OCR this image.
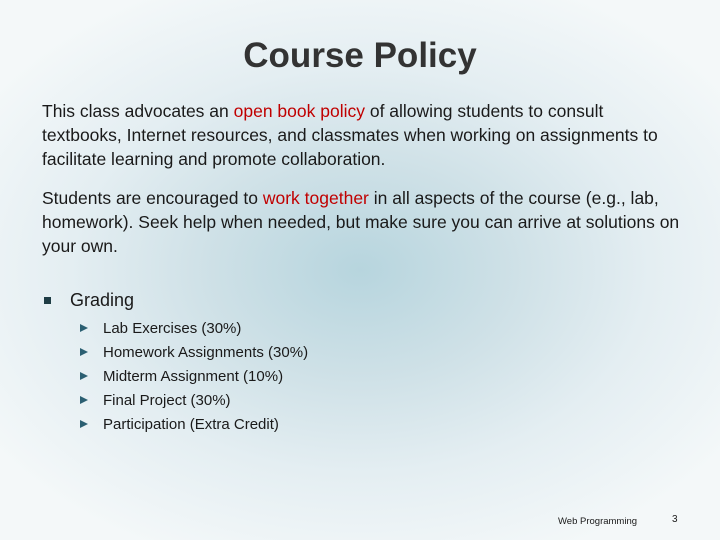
Course Policy
This class advocates an open book policy of allowing students to consult textbooks, Internet resources, and classmates when working on assignments to facilitate learning and promote collaboration.
Students are encouraged to work together in all aspects of the course (e.g., lab, homework). Seek help when needed, but make sure you can arrive at solutions on your own.
Grading
Lab Exercises (30%)
Homework Assignments (30%)
Midterm Assignment (10%)
Final Project (30%)
Participation (Extra Credit)
Web Programming	3
